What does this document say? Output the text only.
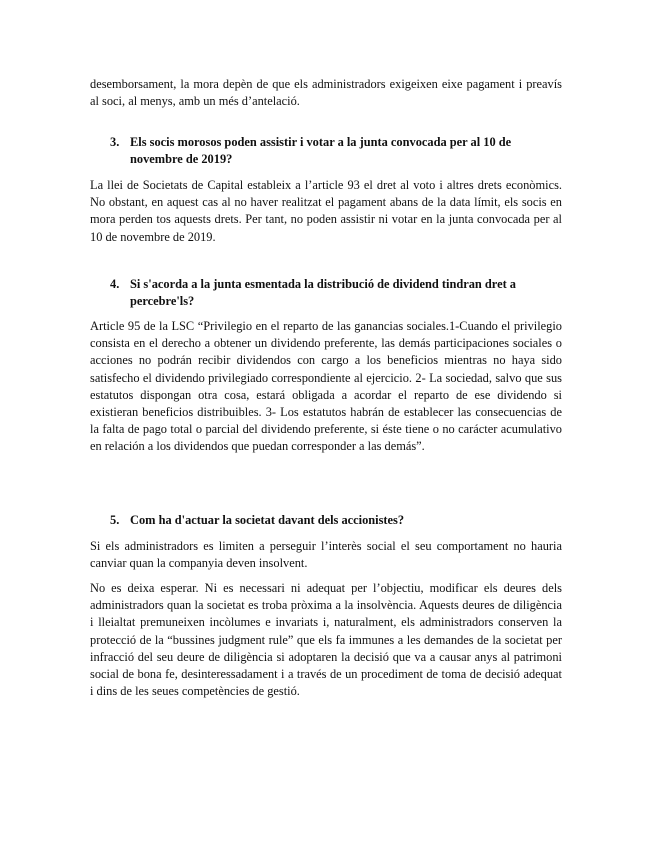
desemborsament, la mora depèn de que els administradors exigeixen eixe pagament i preavís al soci, al menys, amb un més d’antelació.

3. Els socis morosos poden assistir i votar a la junta convocada per al 10 de
novembre de 2019?

La llei de Societats de Capital estableix a l’article 93 el dret al voto i altres drets econòmics. No obstant, en aquest cas al no haver realitzat el pagament abans de la data límit, els socis en mora perden tos aquests drets. Per tant, no poden assistir ni votar en la junta convocada per al 10 de novembre de 2019.

4. Si s'acorda a la junta esmentada la distribució de dividend tindran dret a
percebre'ls?

Article 95 de la LSC “Privilegio en el reparto de las ganancias sociales.1-Cuando el privilegio consista en el derecho a obtener un dividendo preferente, las demás participaciones sociales o acciones no podrán recibir dividendos con cargo a los beneficios mientras no haya sido satisfecho el dividendo privilegiado correspondiente al ejercicio. 2- La sociedad, salvo que sus estatutos dispongan otra cosa, estará obligada a acordar el reparto de ese dividendo si existieran beneficios distribuibles. 3- Los estatutos habrán de establecer las consecuencias de la falta de pago total o parcial del dividendo preferente, si éste tiene o no carácter acumulativo en relación a los dividendos que puedan corresponder a las demás”.

5. Com ha d'actuar la societat davant dels accionistes?

Si els administradors es limiten a perseguir l’interès social el seu comportament no hauria canviar quan la companyia deven insolvent.

No es deixa esperar. Ni es necessari ni adequat per l’objectiu, modificar els deures dels administradors quan la societat es troba pròxima a la insolvència. Aquests deures de diligència i lleialtat premuneixen incòlumes e invariats i, naturalment, els administradors conserven la protecció de la “bussines judgment rule” que els fa immunes a les demandes de la societat per infracció del seu deure de diligència si adoptaren la decisió que va a causar anys al patrimoni social de bona fe, desinteressadament i a través de un procediment de toma de decisió adequat i dins de les seues competències de gestió.
